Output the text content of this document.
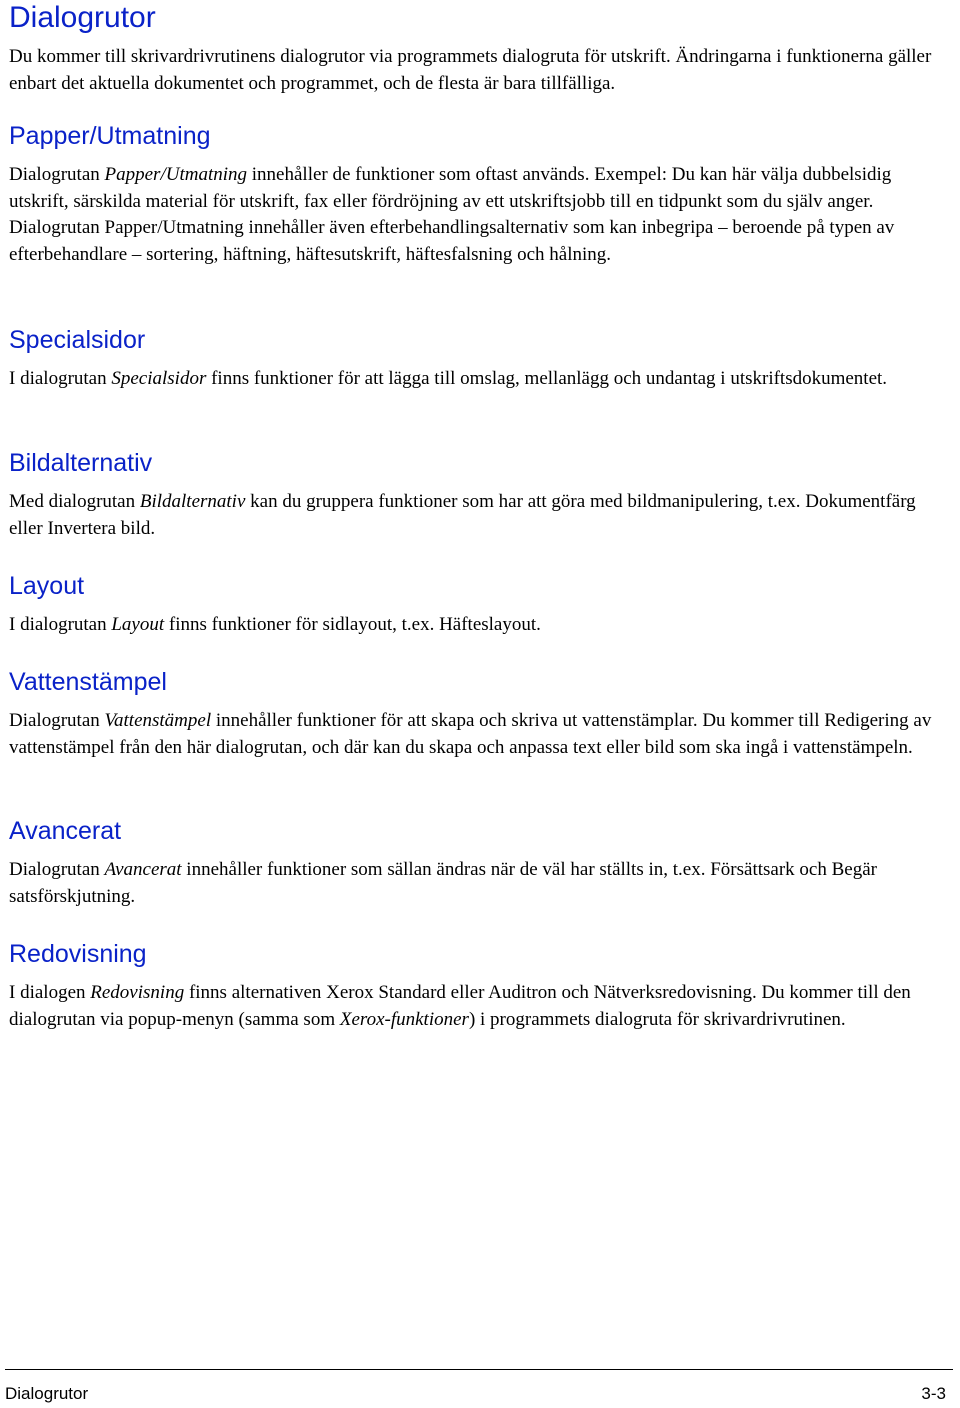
Dialogrutor

Du kommer till skrivardrivrutinens dialogrutor via programmets dialogruta för utskrift. Ändringarna i funktionerna gäller enbart det aktuella dokumentet och programmet, och de flesta är bara tillfälliga.

Papper/Utmatning

Dialogrutan Papper/Utmatning innehåller de funktioner som oftast används. Exempel: Du kan här välja dubbelsidig utskrift, särskilda material för utskrift, fax eller fördröjning av ett utskriftsjobb till en tidpunkt som du själv anger. Dialogrutan Papper/Utmatning innehåller även efterbehandlingsalternativ som kan inbegripa – beroende på typen av efterbehandlare – sortering, häftning, häftesutskrift, häftesfalsning och hålning.

Specialsidor

I dialogrutan Specialsidor finns funktioner för att lägga till omslag, mellanlägg och undantag i utskriftsdokumentet.

Bildalternativ

Med dialogrutan Bildalternativ kan du gruppera funktioner som har att göra med bildmanipulering, t.ex. Dokumentfärg eller Invertera bild.

Layout

I dialogrutan Layout finns funktioner för sidlayout, t.ex. Häfteslayout.

Vattenstämpel

Dialogrutan Vattenstämpel innehåller funktioner för att skapa och skriva ut vattenstämplar. Du kommer till Redigering av vattenstämpel från den här dialogrutan, och där kan du skapa och anpassa text eller bild som ska ingå i vattenstämpeln.

Avancerat

Dialogrutan Avancerat innehåller funktioner som sällan ändras när de väl har ställts in, t.ex. Försättsark och Begär satsförskjutning.

Redovisning

I dialogen Redovisning finns alternativen Xerox Standard eller Auditron och Nätverksredovisning. Du kommer till den dialogrutan via popup-menyn (samma som Xerox-funktioner) i programmets dialogruta för skrivardrivrutinen.

Dialogrutor	3-3
